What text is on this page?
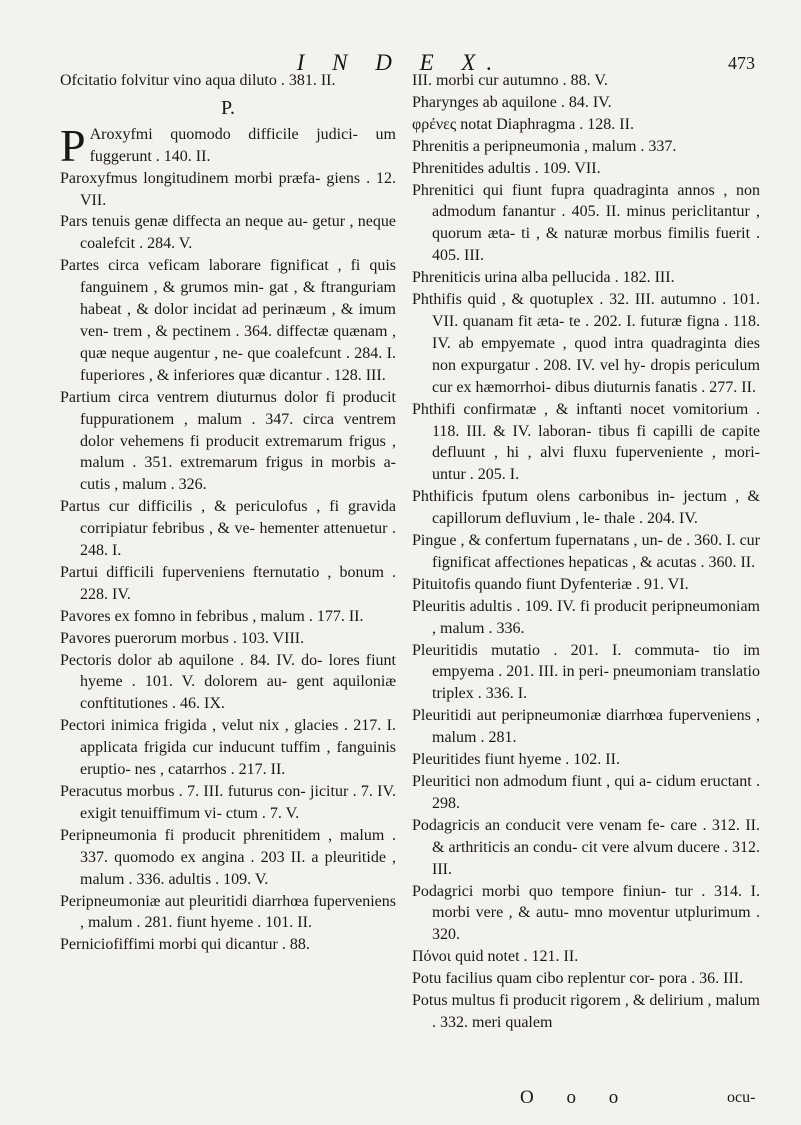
I N D E X.	473

Ofcitatio folvitur vino aqua diluto . 381. II.

P.

P Aroxyfmi quomodo difficile judici- um fuggerunt . 140. II.

Paroxyfmus longitudinem morbi præfa- giens . 12. VII.

Pars tenuis genæ diffecta an neque au- getur , neque coalefcit . 284. V.

Partes circa veficam laborare fignificat , fi quis fanguinem , & grumos min- gat , & ftranguriam habeat , & dolor incidat ad perinæum , & imum ven- trem , & pectinem . 364. diffectæ quænam , quæ neque augentur , ne- que coalefcunt . 284. I. fuperiores , & inferiores quæ dicantur . 128. III.

Partium circa ventrem diuturnus dolor fi producit fuppurationem , malum . 347. circa ventrem dolor vehemens fi producit extremarum frigus , malum . 351. extremarum frigus in morbis a- cutis , malum . 326.

Partus cur difficilis , & periculofus , fi gravida corripiatur febribus , & ve- hementer attenuetur . 248. I.

Partui difficili fuperveniens fternutatio , bonum . 228. IV.

Pavores ex fomno in febribus , malum . 177. II.

Pavores puerorum morbus . 103. VIII.

Pectoris dolor ab aquilone . 84. IV. do- lores fiunt hyeme . 101. V. dolorem au- gent aquiloniæ conftitutiones . 46. IX.

Pectori inimica frigida , velut nix , glacies . 217. I. applicata frigida cur inducunt tuffim , fanguinis eruptio- nes , catarrhos . 217. II.

Peracutus morbus . 7. III. futurus con- jicitur . 7. IV. exigit tenuiffimum vi- ctum . 7. V.

Peripneumonia fi producit phrenitidem , malum . 337. quomodo ex angina . 203 II. a pleuritide , malum . 336. adultis . 109. V.

Peripneumoniæ aut pleuritidi diarrhœa fuperveniens , malum . 281. fiunt hyeme . 101. II.

Perniciofiffimi morbi qui dicantur . 88.

III. morbi cur autumno . 88. V.

Pharynges ab aquilone . 84. IV.

φρένες notat Diaphragma . 128. II.

Phrenitis a peripneumonia , malum . 337.

Phrenitides adultis . 109. VII.

Phrenitici qui fiunt fupra quadraginta annos , non admodum fanantur . 405. II. minus periclitantur , quorum æta- ti , & naturæ morbus fimilis fuerit . 405. III.

Phreniticis urina alba pellucida . 182. III.

Phthifis quid , & quotuplex . 32. III. autumno . 101. VII. quanam fit æta- te . 202. I. futuræ figna . 118. IV. ab empyemate , quod intra quadraginta dies non expurgatur . 208. IV. vel hy- dropis periculum cur ex hæmorrhoi- dibus diuturnis fanatis . 277. II.

Phthifi confirmatæ , & inftanti nocet vomitorium . 118. III. & IV. laboran- tibus fi capilli de capite defluunt , hi , alvi fluxu fuperveniente , mori- untur . 205. I.

Phthificis fputum olens carbonibus in- jectum , & capillorum defluvium , le- thale . 204. IV.

Pingue , & confertum fupernatans , un- de . 360. I. cur fignificat affectiones hepaticas , & acutas . 360. II.

Pituitofis quando fiunt Dyfenteriæ . 91. VI.

Pleuritis adultis . 109. IV. fi producit peripneumoniam , malum . 336.

Pleuritidis mutatio . 201. I. commuta- tio im empyema . 201. III. in peri- pneumoniam translatio triplex . 336. I.

Pleuritidi aut peripneumoniæ diarrhœa fuperveniens , malum . 281.

Pleuritides fiunt hyeme . 102. II.

Pleuritici non admodum fiunt , qui a- cidum eructant . 298.

Podagricis an conducit vere venam fe- care . 312. II. & arthriticis an condu- cit vere alvum ducere . 312. III.

Podagrici morbi quo tempore finiun- tur . 314. I. morbi vere , & autu- mno moventur utplurimum . 320.

Πόνοι quid notet . 121. II.

Potu facilius quam cibo replentur cor- pora . 36. III.

Potus multus fi producit rigorem , & delirium , malum . 332. meri qualem

O o o	ocu-
